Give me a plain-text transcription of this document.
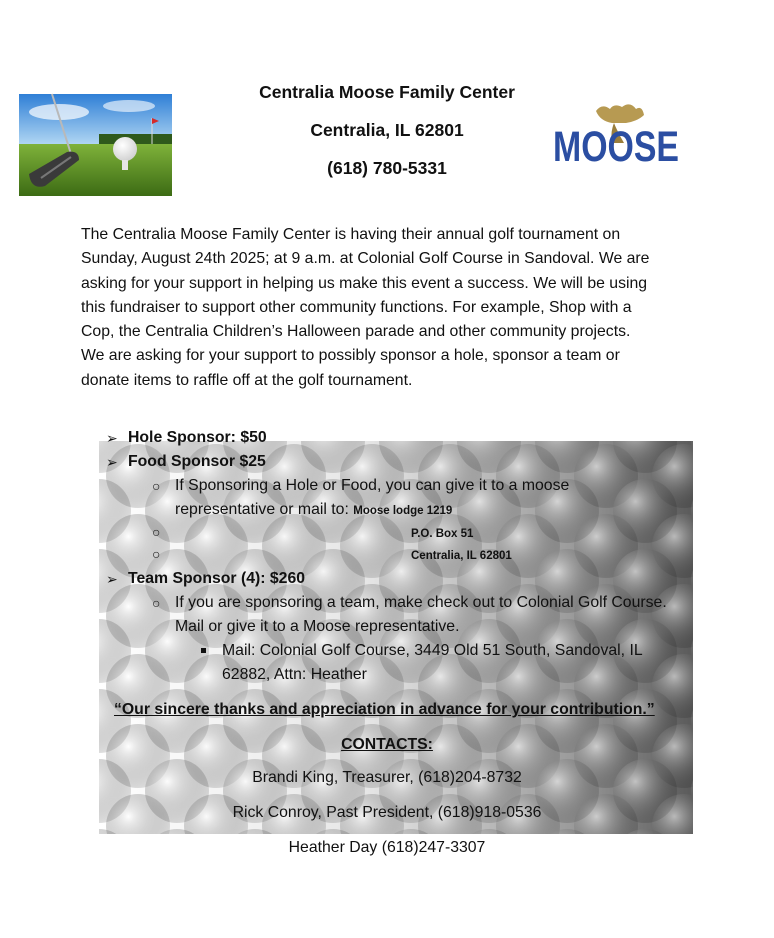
Centralia Moose Family Center
Centralia, IL 62801
(618) 780-5331	MOOSE

The Centralia Moose Family Center is having their annual golf tournament on
Sunday, August 24th 2025; at 9 a.m. at Colonial Golf Course in Sandoval. We are
asking for your support in helping us make this event a success. We will be using
this fundraiser to support other community functions. For example, Shop with a
Cop, the Centralia Children’s Halloween parade and other community projects.
We are asking for your support to possibly sponsor a hole, sponsor a team or
donate items to raffle off at the golf tournament.

➢ Hole Sponsor: $50
➢ Food Sponsor $25
○ If Sponsoring a Hole or Food, you can give it to a moose
representative or mail to: Moose lodge 1219
○	P.O. Box 51
○	Centralia, IL 62801
➢ Team Sponsor (4): $260
○ If you are sponsoring a team, make check out to Colonial Golf Course.
Mail or give it to a Moose representative.
Mail: Colonial Golf Course, 3449 Old 51 South, Sandoval, IL
62882, Attn: Heather
“Our sincere thanks and appreciation in advance for your contribution.”
CONTACTS:
Brandi King, Treasurer, (618)204-8732
Rick Conroy, Past President, (618)918-0536
Heather Day (618)247-3307
